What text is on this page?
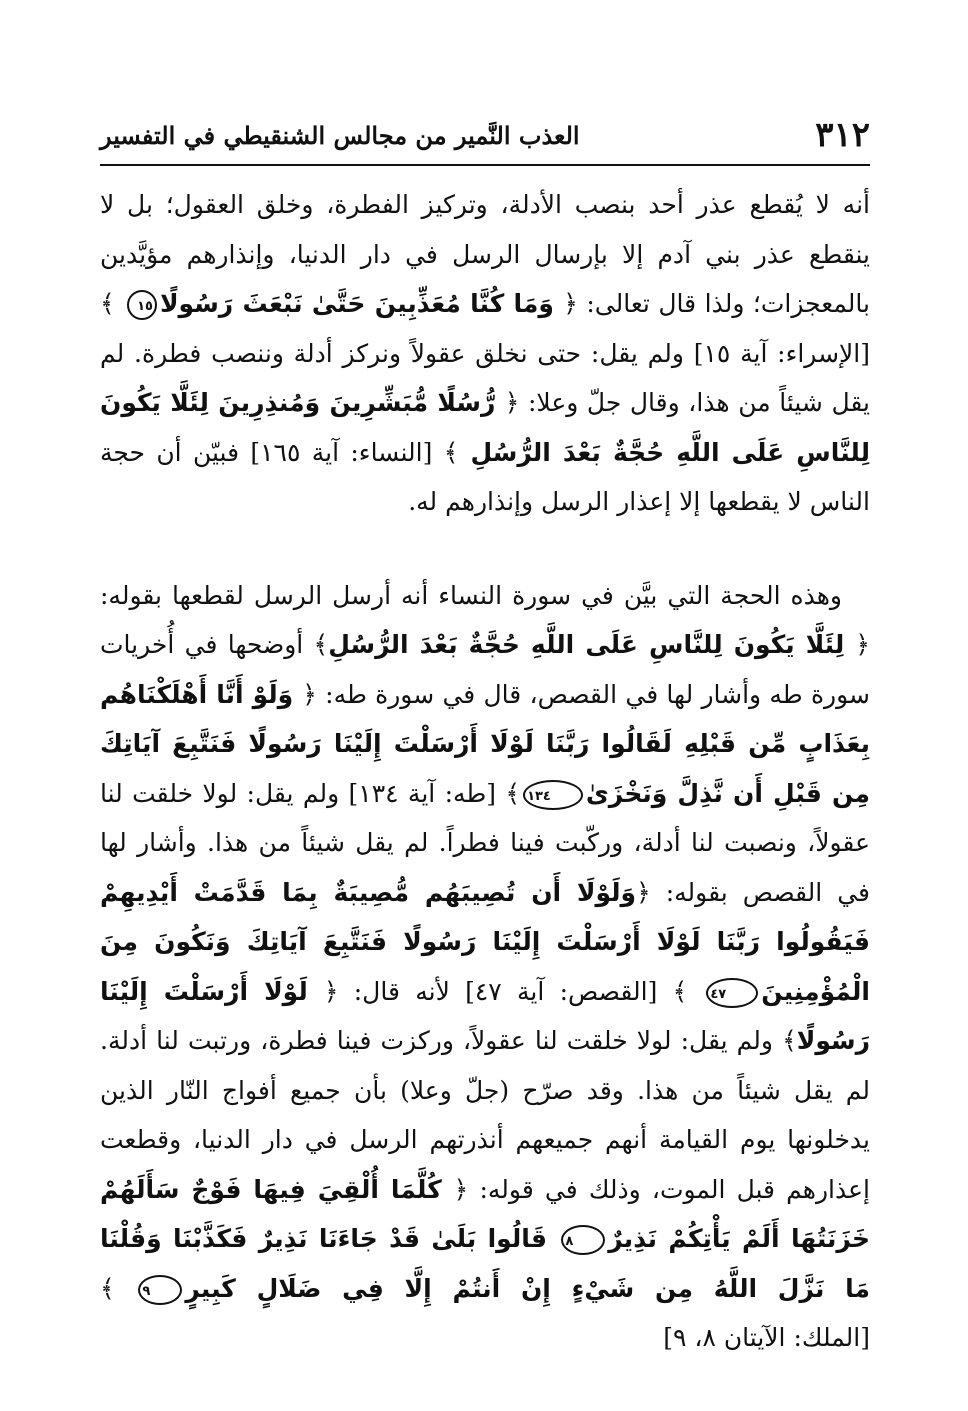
٣١٢
العذب النَّمير من مجالس الشنقيطي في التفسير

أنه لا يُقطع عذر أحد بنصب الأدلة، وتركيز الفطرة، وخلق العقول؛ بل لا ينقطع عذر بني آدم إلا بإرسال الرسل في دار الدنيا، وإنذارهم مؤيَّدين بالمعجزات؛ ولذا قال تعالى: ﴿ وَمَا كُنَّا مُعَذِّبِينَ حَتَّىٰ نَبْعَثَ رَسُولًا١٥ ﴾ [الإسراء: آية ١٥] ولم يقل: حتى نخلق عقولاً ونركز أدلة وننصب فطرة. لم يقل شيئاً من هذا، وقال جلّ وعلا: ﴿ رُّسُلًا مُّبَشِّرِينَ وَمُنذِرِينَ لِئَلَّا يَكُونَ لِلنَّاسِ عَلَى اللَّهِ حُجَّةٌ بَعْدَ الرُّسُلِ ﴾ [النساء: آية ١٦٥] فبيّن أن حجة الناس لا يقطعها إلا إعذار الرسل وإنذارهم له.

وهذه الحجة التي بيَّن في سورة النساء أنه أرسل الرسل لقطعها بقوله: ﴿ لِئَلَّا يَكُونَ لِلنَّاسِ عَلَى اللَّهِ حُجَّةٌ بَعْدَ الرُّسُلِ﴾ أوضحها في أُخريات سورة طه وأشار لها في القصص، قال في سورة طه: ﴿ وَلَوْ أَنَّا أَهْلَكْنَاهُم بِعَذَابٍ مِّن قَبْلِهِ لَقَالُوا رَبَّنَا لَوْلَا أَرْسَلْتَ إِلَيْنَا رَسُولًا فَنَتَّبِعَ آيَاتِكَ مِن قَبْلِ أَن نَّذِلَّ وَنَخْزَىٰ١٣٤﴾ [طه: آية ١٣٤] ولم يقل: لولا خلقت لنا عقولاً، ونصبت لنا أدلة، وركّبت فينا فطراً. لم يقل شيئاً من هذا. وأشار لها في القصص بقوله: ﴿وَلَوْلَا أَن تُصِيبَهُم مُّصِيبَةٌ بِمَا قَدَّمَتْ أَيْدِيهِمْ فَيَقُولُوا رَبَّنَا لَوْلَا أَرْسَلْتَ إِلَيْنَا رَسُولًا فَنَتَّبِعَ آيَاتِكَ وَنَكُونَ مِنَ الْمُؤْمِنِينَ٤٧ ﴾ [القصص: آية ٤٧] لأنه قال: ﴿ لَوْلَا أَرْسَلْتَ إِلَيْنَا رَسُولًا﴾ ولم يقل: لولا خلقت لنا عقولاً، وركزت فينا فطرة، ورتبت لنا أدلة. لم يقل شيئاً من هذا. وقد صرّح (جلّ وعلا) بأن جميع أفواج النّار الذين يدخلونها يوم القيامة أنهم جميعهم أنذرتهم الرسل في دار الدنيا، وقطعت إعذارهم قبل الموت، وذلك في قوله: ﴿ كُلَّمَا أُلْقِيَ فِيهَا فَوْجٌ سَأَلَهُمْ خَزَنَتُهَا أَلَمْ يَأْتِكُمْ نَذِيرٌ٨ قَالُوا بَلَىٰ قَدْ جَاءَنَا نَذِيرٌ فَكَذَّبْنَا وَقُلْنَا مَا نَزَّلَ اللَّهُ مِن شَيْءٍ إِنْ أَنتُمْ إِلَّا فِي ضَلَالٍ كَبِيرٍ٩ ﴾ [الملك: الآيتان ٨، ٩]
